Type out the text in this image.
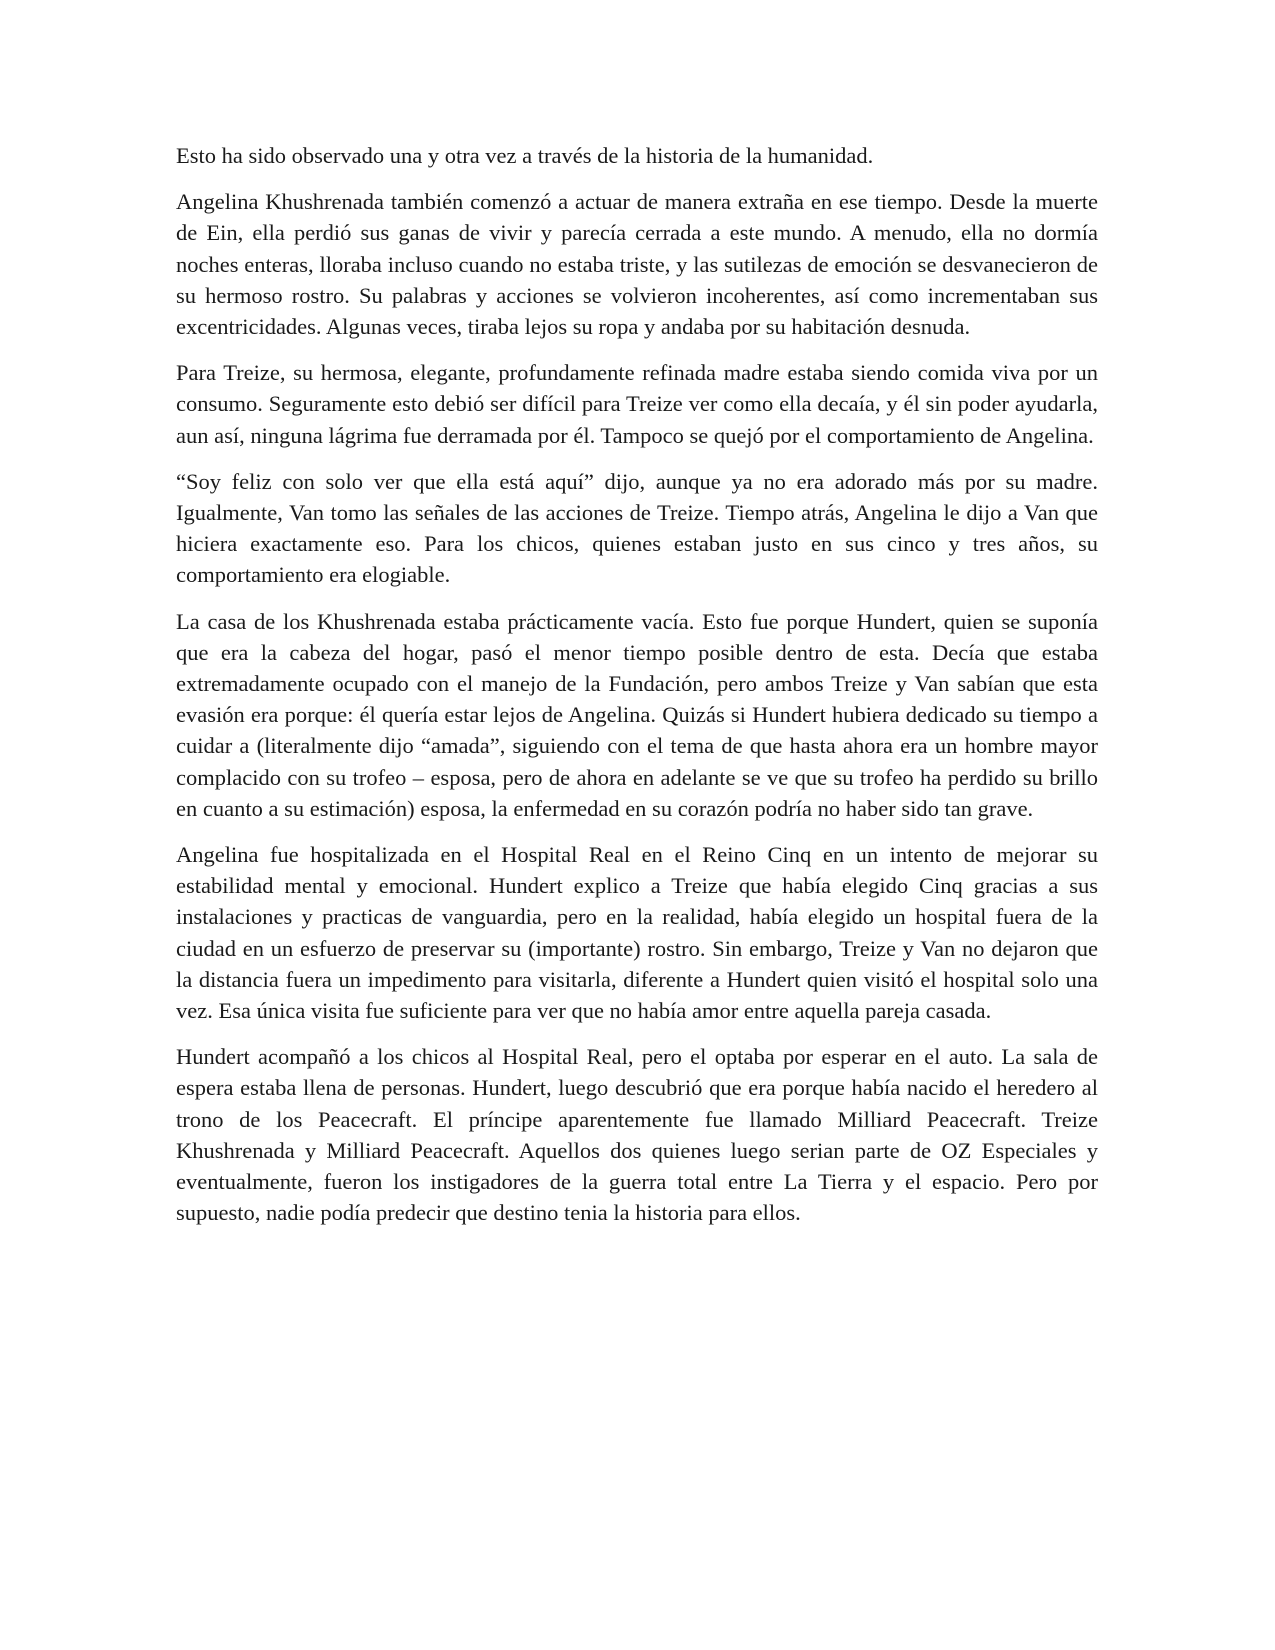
Esto ha sido observado una y otra vez a través de la historia de la humanidad.

Angelina Khushrenada también comenzó a actuar de manera extraña en ese tiempo. Desde la muerte de Ein, ella perdió sus ganas de vivir y parecía cerrada a este mundo. A menudo, ella no dormía noches enteras, lloraba incluso cuando no estaba triste, y las sutilezas de emoción se desvanecieron de su hermoso rostro. Su palabras y acciones se volvieron incoherentes, así como incrementaban sus excentricidades. Algunas veces, tiraba lejos su ropa y andaba por su habitación desnuda.

Para Treize, su hermosa, elegante, profundamente refinada madre estaba siendo comida viva por un consumo. Seguramente esto debió ser difícil para Treize ver como ella decaía, y él sin poder ayudarla, aun así, ninguna lágrima fue derramada por él. Tampoco se quejó por el comportamiento de Angelina.

“Soy feliz con solo ver que ella está aquí” dijo, aunque ya no era adorado más por su madre. Igualmente, Van tomo las señales de las acciones de Treize. Tiempo atrás, Angelina le dijo a Van que hiciera exactamente eso. Para los chicos, quienes estaban justo en sus cinco y tres años, su comportamiento era elogiable.

La casa de los Khushrenada estaba prácticamente vacía. Esto fue porque Hundert, quien se suponía que era la cabeza del hogar, pasó el menor tiempo posible dentro de esta. Decía que estaba extremadamente ocupado con el manejo de la Fundación, pero ambos Treize y Van sabían que esta evasión era porque: él quería estar lejos de Angelina. Quizás si Hundert hubiera dedicado su tiempo a cuidar a (literalmente dijo “amada”, siguiendo con el tema de que hasta ahora era un hombre mayor complacido con su trofeo – esposa, pero de ahora en adelante se ve que su trofeo ha perdido su brillo en cuanto a su estimación) esposa, la enfermedad en su corazón podría no haber sido tan grave.

Angelina fue hospitalizada en el Hospital Real en el Reino Cinq en un intento de mejorar su estabilidad mental y emocional. Hundert explico a Treize que había elegido Cinq gracias a sus instalaciones y practicas de vanguardia, pero en la realidad, había elegido un hospital fuera de la ciudad en un esfuerzo de preservar su (importante) rostro. Sin embargo, Treize y Van no dejaron que la distancia fuera un impedimento para visitarla, diferente a Hundert quien visitó el hospital solo una vez. Esa única visita fue suficiente para ver que no había amor entre aquella pareja casada.

Hundert acompañó a los chicos al Hospital Real, pero el optaba por esperar en el auto. La sala de espera estaba llena de personas. Hundert, luego descubrió que era porque había nacido el heredero al trono de los Peacecraft. El príncipe aparentemente fue llamado Milliard Peacecraft. Treize Khushrenada y Milliard Peacecraft. Aquellos dos quienes luego serian parte de OZ Especiales y eventualmente, fueron los instigadores de la guerra total entre La Tierra y el espacio. Pero por supuesto, nadie podía predecir que destino tenia la historia para ellos.
